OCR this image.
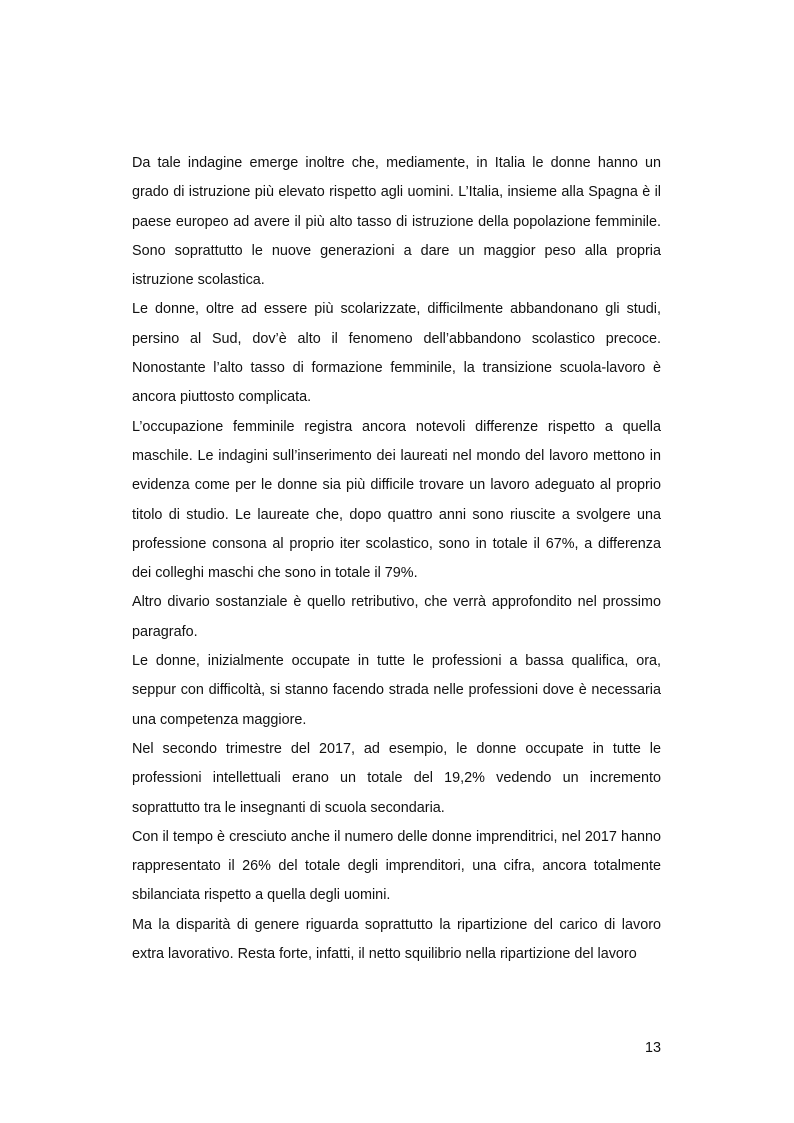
Da tale indagine emerge inoltre che, mediamente, in Italia le donne hanno un grado di istruzione più elevato rispetto agli uomini. L’Italia, insieme alla Spagna è il paese europeo ad avere il più alto tasso di istruzione della popolazione femminile. Sono soprattutto le nuove generazioni a dare un maggior peso alla propria istruzione scolastica.

Le donne, oltre ad essere più scolarizzate, difficilmente abbandonano gli studi, persino al Sud, dov’è alto il fenomeno dell’abbandono scolastico precoce. Nonostante l’alto tasso di formazione femminile, la transizione scuola-lavoro è ancora piuttosto complicata.

L’occupazione femminile registra ancora notevoli differenze rispetto a quella maschile. Le indagini sull’inserimento dei laureati nel mondo del lavoro mettono in evidenza come per le donne sia più difficile trovare un lavoro adeguato al proprio titolo di studio. Le laureate che, dopo quattro anni sono riuscite a svolgere una professione consona al proprio iter scolastico, sono in totale il 67%, a differenza dei colleghi maschi che sono in totale il 79%.

Altro divario sostanziale è quello retributivo, che verrà approfondito nel prossimo paragrafo.

Le donne, inizialmente occupate in tutte le professioni a bassa qualifica, ora, seppur con difficoltà, si stanno facendo strada nelle professioni dove è necessaria una competenza maggiore.

Nel secondo trimestre del 2017, ad esempio, le donne occupate in tutte le professioni intellettuali erano un totale del 19,2% vedendo un incremento soprattutto tra le insegnanti di scuola secondaria.

Con il tempo è cresciuto anche il numero delle donne imprenditrici, nel 2017 hanno rappresentato il 26% del totale degli imprenditori, una cifra, ancora totalmente sbilanciata rispetto a quella degli uomini.

Ma la disparità di genere riguarda soprattutto la ripartizione del carico di lavoro extra lavorativo. Resta forte, infatti, il netto squilibrio nella ripartizione del lavoro

13
